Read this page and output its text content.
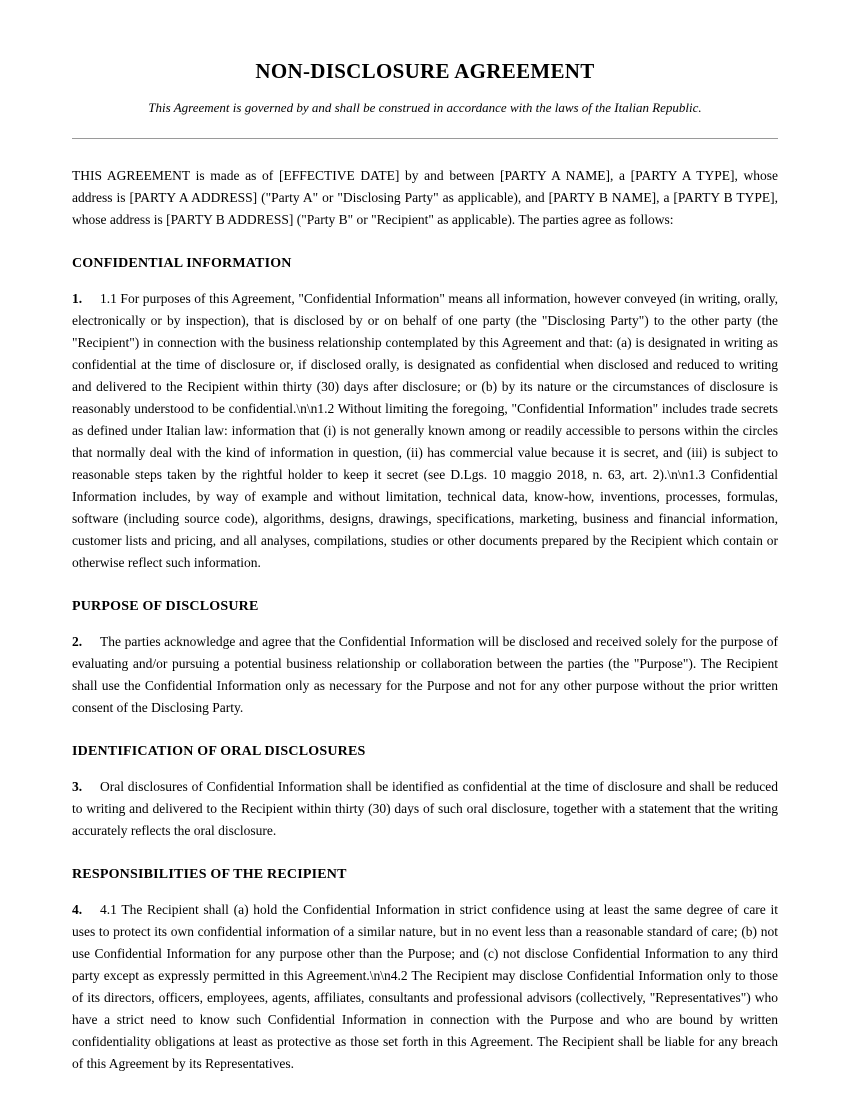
NON-DISCLOSURE AGREEMENT

This Agreement is governed by and shall be construed in accordance with the laws of the Italian Republic.

THIS AGREEMENT is made as of [EFFECTIVE DATE] by and between [PARTY A NAME], a [PARTY A TYPE], whose address is [PARTY A ADDRESS] ("Party A" or "Disclosing Party" as applicable), and [PARTY B NAME], a [PARTY B TYPE], whose address is [PARTY B ADDRESS] ("Party B" or "Recipient" as applicable). The parties agree as follows:

CONFIDENTIAL INFORMATION

1. 1.1 For purposes of this Agreement, "Confidential Information" means all information, however conveyed (in writing, orally, electronically or by inspection), that is disclosed by or on behalf of one party (the "Disclosing Party") to the other party (the "Recipient") in connection with the business relationship contemplated by this Agreement and that: (a) is designated in writing as confidential at the time of disclosure or, if disclosed orally, is designated as confidential when disclosed and reduced to writing and delivered to the Recipient within thirty (30) days after disclosure; or (b) by its nature or the circumstances of disclosure is reasonably understood to be confidential.\n\n1.2 Without limiting the foregoing, "Confidential Information" includes trade secrets as defined under Italian law: information that (i) is not generally known among or readily accessible to persons within the circles that normally deal with the kind of information in question, (ii) has commercial value because it is secret, and (iii) is subject to reasonable steps taken by the rightful holder to keep it secret (see D.Lgs. 10 maggio 2018, n. 63, art. 2).\n\n1.3 Confidential Information includes, by way of example and without limitation, technical data, know-how, inventions, processes, formulas, software (including source code), algorithms, designs, drawings, specifications, marketing, business and financial information, customer lists and pricing, and all analyses, compilations, studies or other documents prepared by the Recipient which contain or otherwise reflect such information.

PURPOSE OF DISCLOSURE

2. The parties acknowledge and agree that the Confidential Information will be disclosed and received solely for the purpose of evaluating and/or pursuing a potential business relationship or collaboration between the parties (the "Purpose"). The Recipient shall use the Confidential Information only as necessary for the Purpose and not for any other purpose without the prior written consent of the Disclosing Party.

IDENTIFICATION OF ORAL DISCLOSURES

3. Oral disclosures of Confidential Information shall be identified as confidential at the time of disclosure and shall be reduced to writing and delivered to the Recipient within thirty (30) days of such oral disclosure, together with a statement that the writing accurately reflects the oral disclosure.

RESPONSIBILITIES OF THE RECIPIENT

4. 4.1 The Recipient shall (a) hold the Confidential Information in strict confidence using at least the same degree of care it uses to protect its own confidential information of a similar nature, but in no event less than a reasonable standard of care; (b) not use Confidential Information for any purpose other than the Purpose; and (c) not disclose Confidential Information to any third party except as expressly permitted in this Agreement.\n\n4.2 The Recipient may disclose Confidential Information only to those of its directors, officers, employees, agents, affiliates, consultants and professional advisors (collectively, "Representatives") who have a strict need to know such Confidential Information in connection with the Purpose and who are bound by written confidentiality obligations at least as protective as those set forth in this Agreement. The Recipient shall be liable for any breach of this Agreement by its Representatives.
